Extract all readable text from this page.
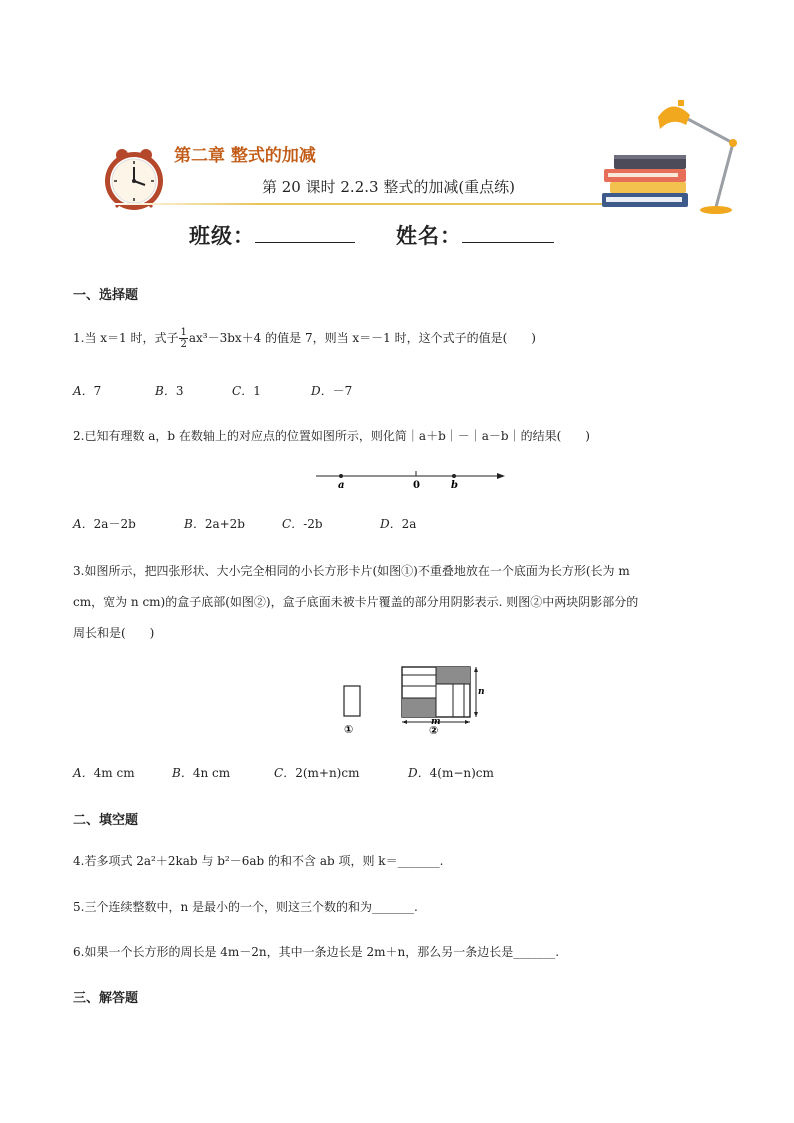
第二章 整式的加减
第 20 课时 2.2.3 整式的加减(重点练)
班级：	姓名：
一、选择题
1.当 x＝1 时，式子 $\frac{1}{2} ax^3-3bx+4$ 的值是 7，则当 x＝－1 时，这个式子的值是(　　)
A．7	B．3	C．1	D．－7
2.已知有理数 a，b 在数轴上的对应点的位置如图所示，则化简｜a＋b｜－｜a－b｜的结果(　　)
a	0	b
A．2a－2b	B．2a+2b	C．-2b	D．2a
3.如图所示，把四张形状、大小完全相同的小长方形卡片(如图①)不重叠地放在一个底面为长方形(长为 m
cm，宽为 n cm)的盒子底部(如图②)，盒子底面未被卡片覆盖的部分用阴影表示. 则图②中两块阴影部分的
周长和是(　　)
①
n
m
②
A．4m cm	B．4n cm	C．2(m+n)cm	D．4(m−n)cm
二、填空题
4.若多项式 2a²＋2kab 与 b²－6ab 的和不含 ab 项，则 k＝_______.
5.三个连续整数中，n 是最小的一个，则这三个数的和为_______.
6.如果一个长方形的周长是 4m－2n，其中一条边长是 2m＋n，那么另一条边长是_______.
三、解答题
